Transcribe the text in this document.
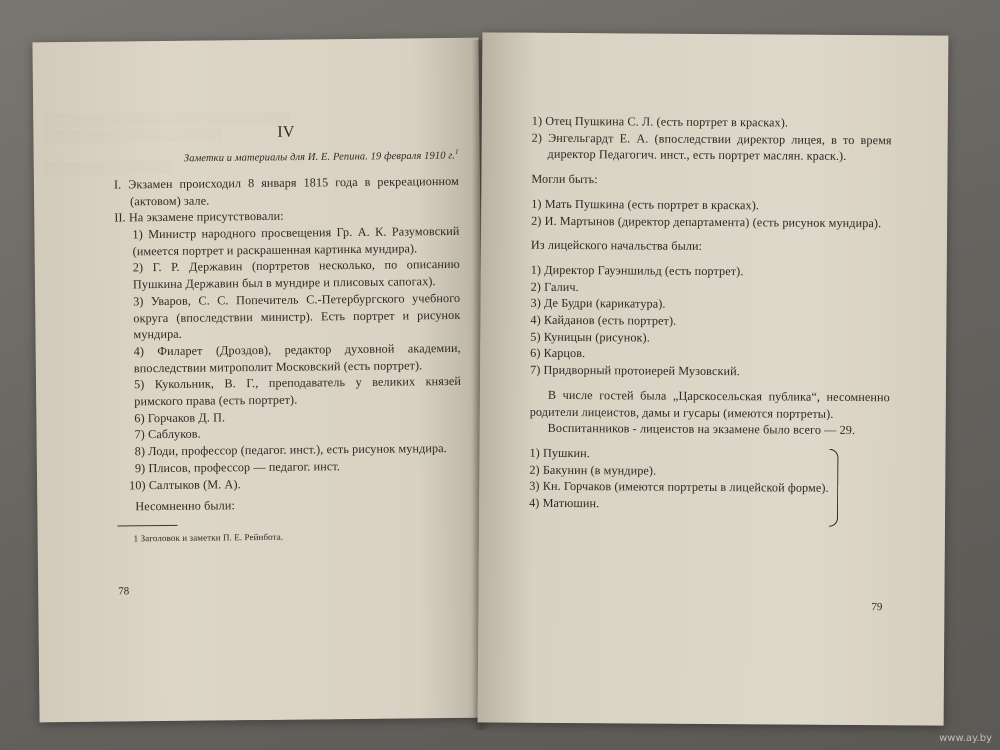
░░░░░░░░░░░░░░░░░░░░░░░░░░░░░
░░░░░░░░░░░░░░░░░░░░░

░░░░░░░░░░░░░░░

IV

Заметки и материалы для И. Е. Репина. 19 февраля 1910 г.$^1$

I. Экзамен происходил 8 января 1815 года в рекреационном (актовом) зале.

II. На экзамене присутствовали:

1) Министр народного просвещения Гр. А. К. Разумовский (имеется портрет и раскрашенная картинка мундира).

2) Г. Р. Державин (портретов несколько, по описанию Пушкина Державин был в мундире и плисовых сапогах).

3) Уваров, С. С. Попечитель С.-Петербургского учебного округа (впоследствии министр). Есть портрет и рисунок мундира.

4) Филарет (Дроздов), редактор духовной академии, впоследствии митрополит Московский (есть портрет).

5) Кукольник, В. Г., преподаватель у великих князей римского права (есть портрет).

6) Горчаков Д. П.

7) Саблуков.

8) Лоди, профессор (педагог. инст.), есть рисунок мундира.

9) Плисов, профессор — педагог. инст.

10) Салтыков (М. А).

Несомненно были:

1 Заголовок и заметки П. Е. Рейнбота.

78

1) Отец Пушкина С. Л. (есть портрет в красках).

2) Энгельгардт Е. А. (впоследствии директор лицея, в то время директор Педагогич. инст., есть портрет маслян. краск.).

Могли быть:

1) Мать Пушкина (есть портрет в красках).

2) И. Мартынов (директор департамента) (есть рисунок мундира).

Из лицейского начальства были:

1) Директор Гауэншильд (есть портрет).

2) Галич.

3) Де Будри (карикатура).

4) Кайданов (есть портрет).

5) Куницын (рисунок).

6) Карцов.

7) Придворный протоиерей Музовский.

В числе гостей была „Царскосельская публика“, несомненно родители лицеистов, дамы и гусары (имеются портреты).

Воспитанников - лицеистов на экзамене было всего — 29.

1) Пушкин.

2) Бакунин (в мундире).

3) Кн. Горчаков (имеются портреты в лицейской форме).

4) Матюшин.

79
www.ay.by
